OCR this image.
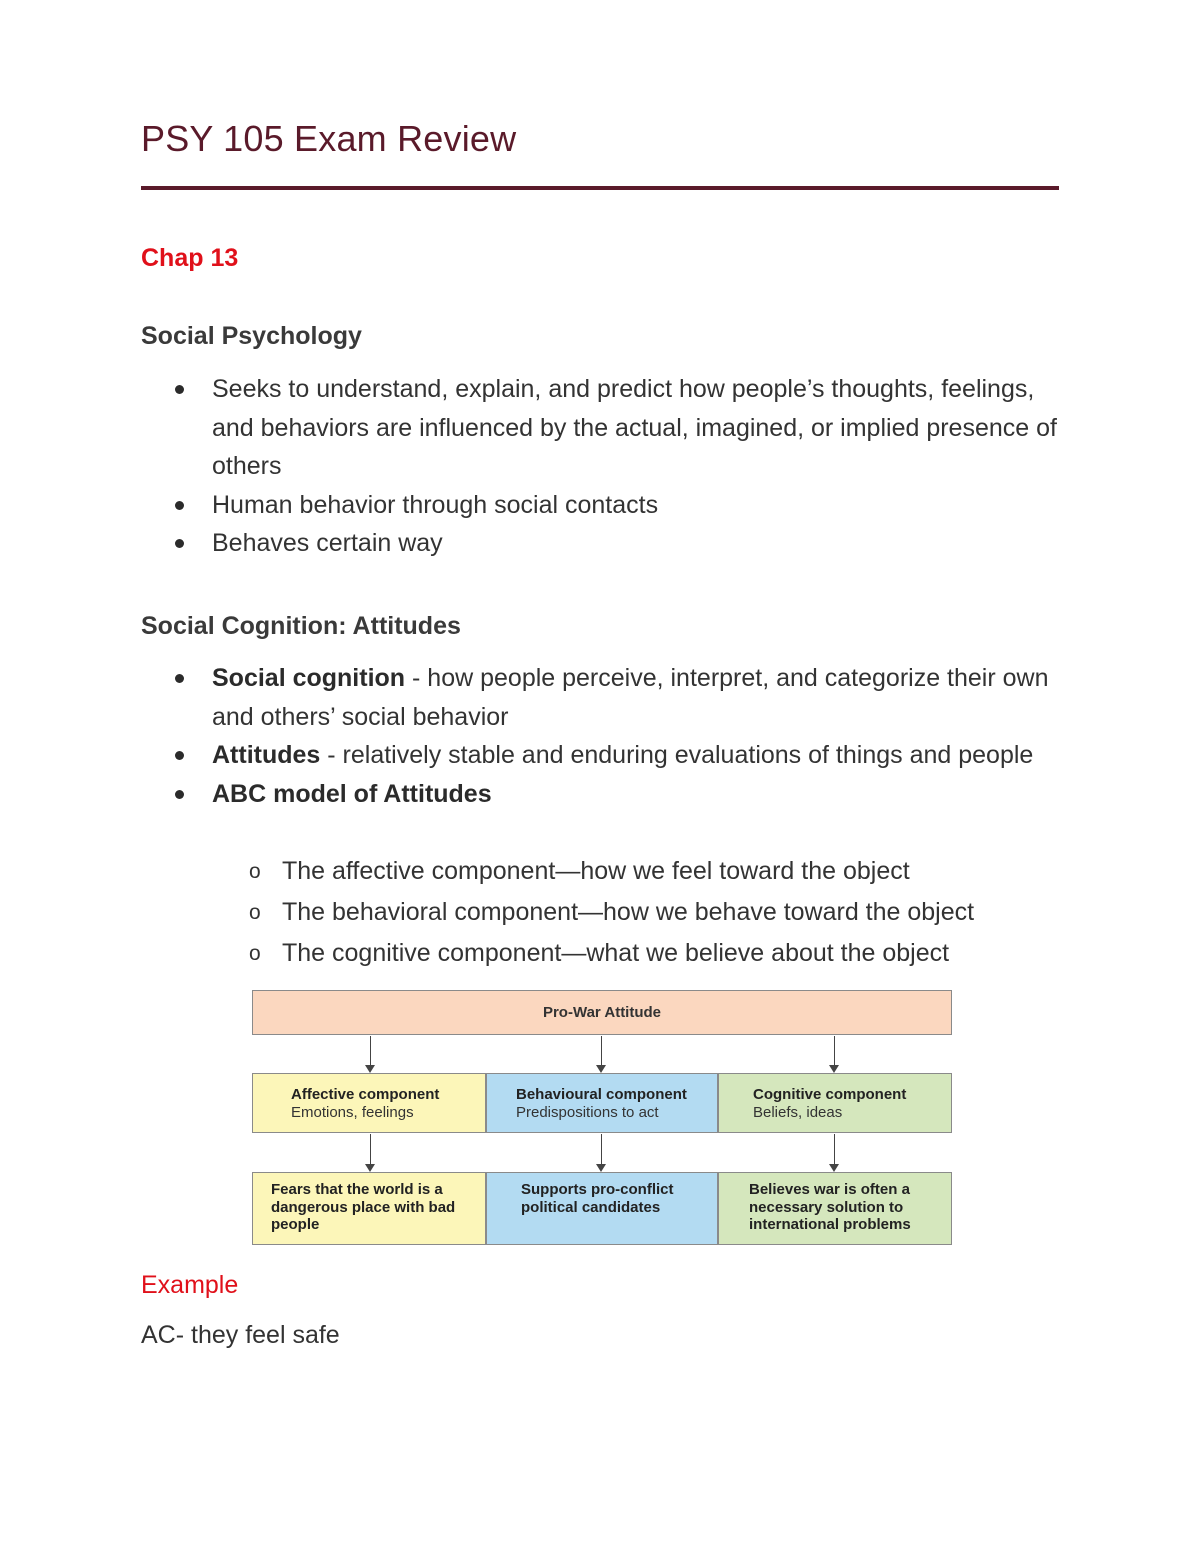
PSY 105 Exam Review
Chap 13
Social Psychology
Seeks to understand, explain, and predict how people’s thoughts, feelings, and behaviors are influenced by the actual, imagined, or implied presence of others
Human behavior through social contacts
Behaves certain way
Social Cognition: Attitudes
Social cognition - how people perceive, interpret, and categorize their own and others’ social behavior
Attitudes - relatively stable and enduring evaluations of things and people
ABC model of Attitudes
o The affective component—how we feel toward the object
o The behavioral component—how we behave toward the object
o The cognitive component—what we believe about the object
Pro-War Attitude
Affective component
Emotions, feelings
Behavioural component
Predispositions to act
Cognitive component
Beliefs, ideas
Fears that the world is a dangerous place with bad people
Supports pro-conflict political candidates
Believes war is often a necessary solution to international problems
Example
AC- they feel safe
